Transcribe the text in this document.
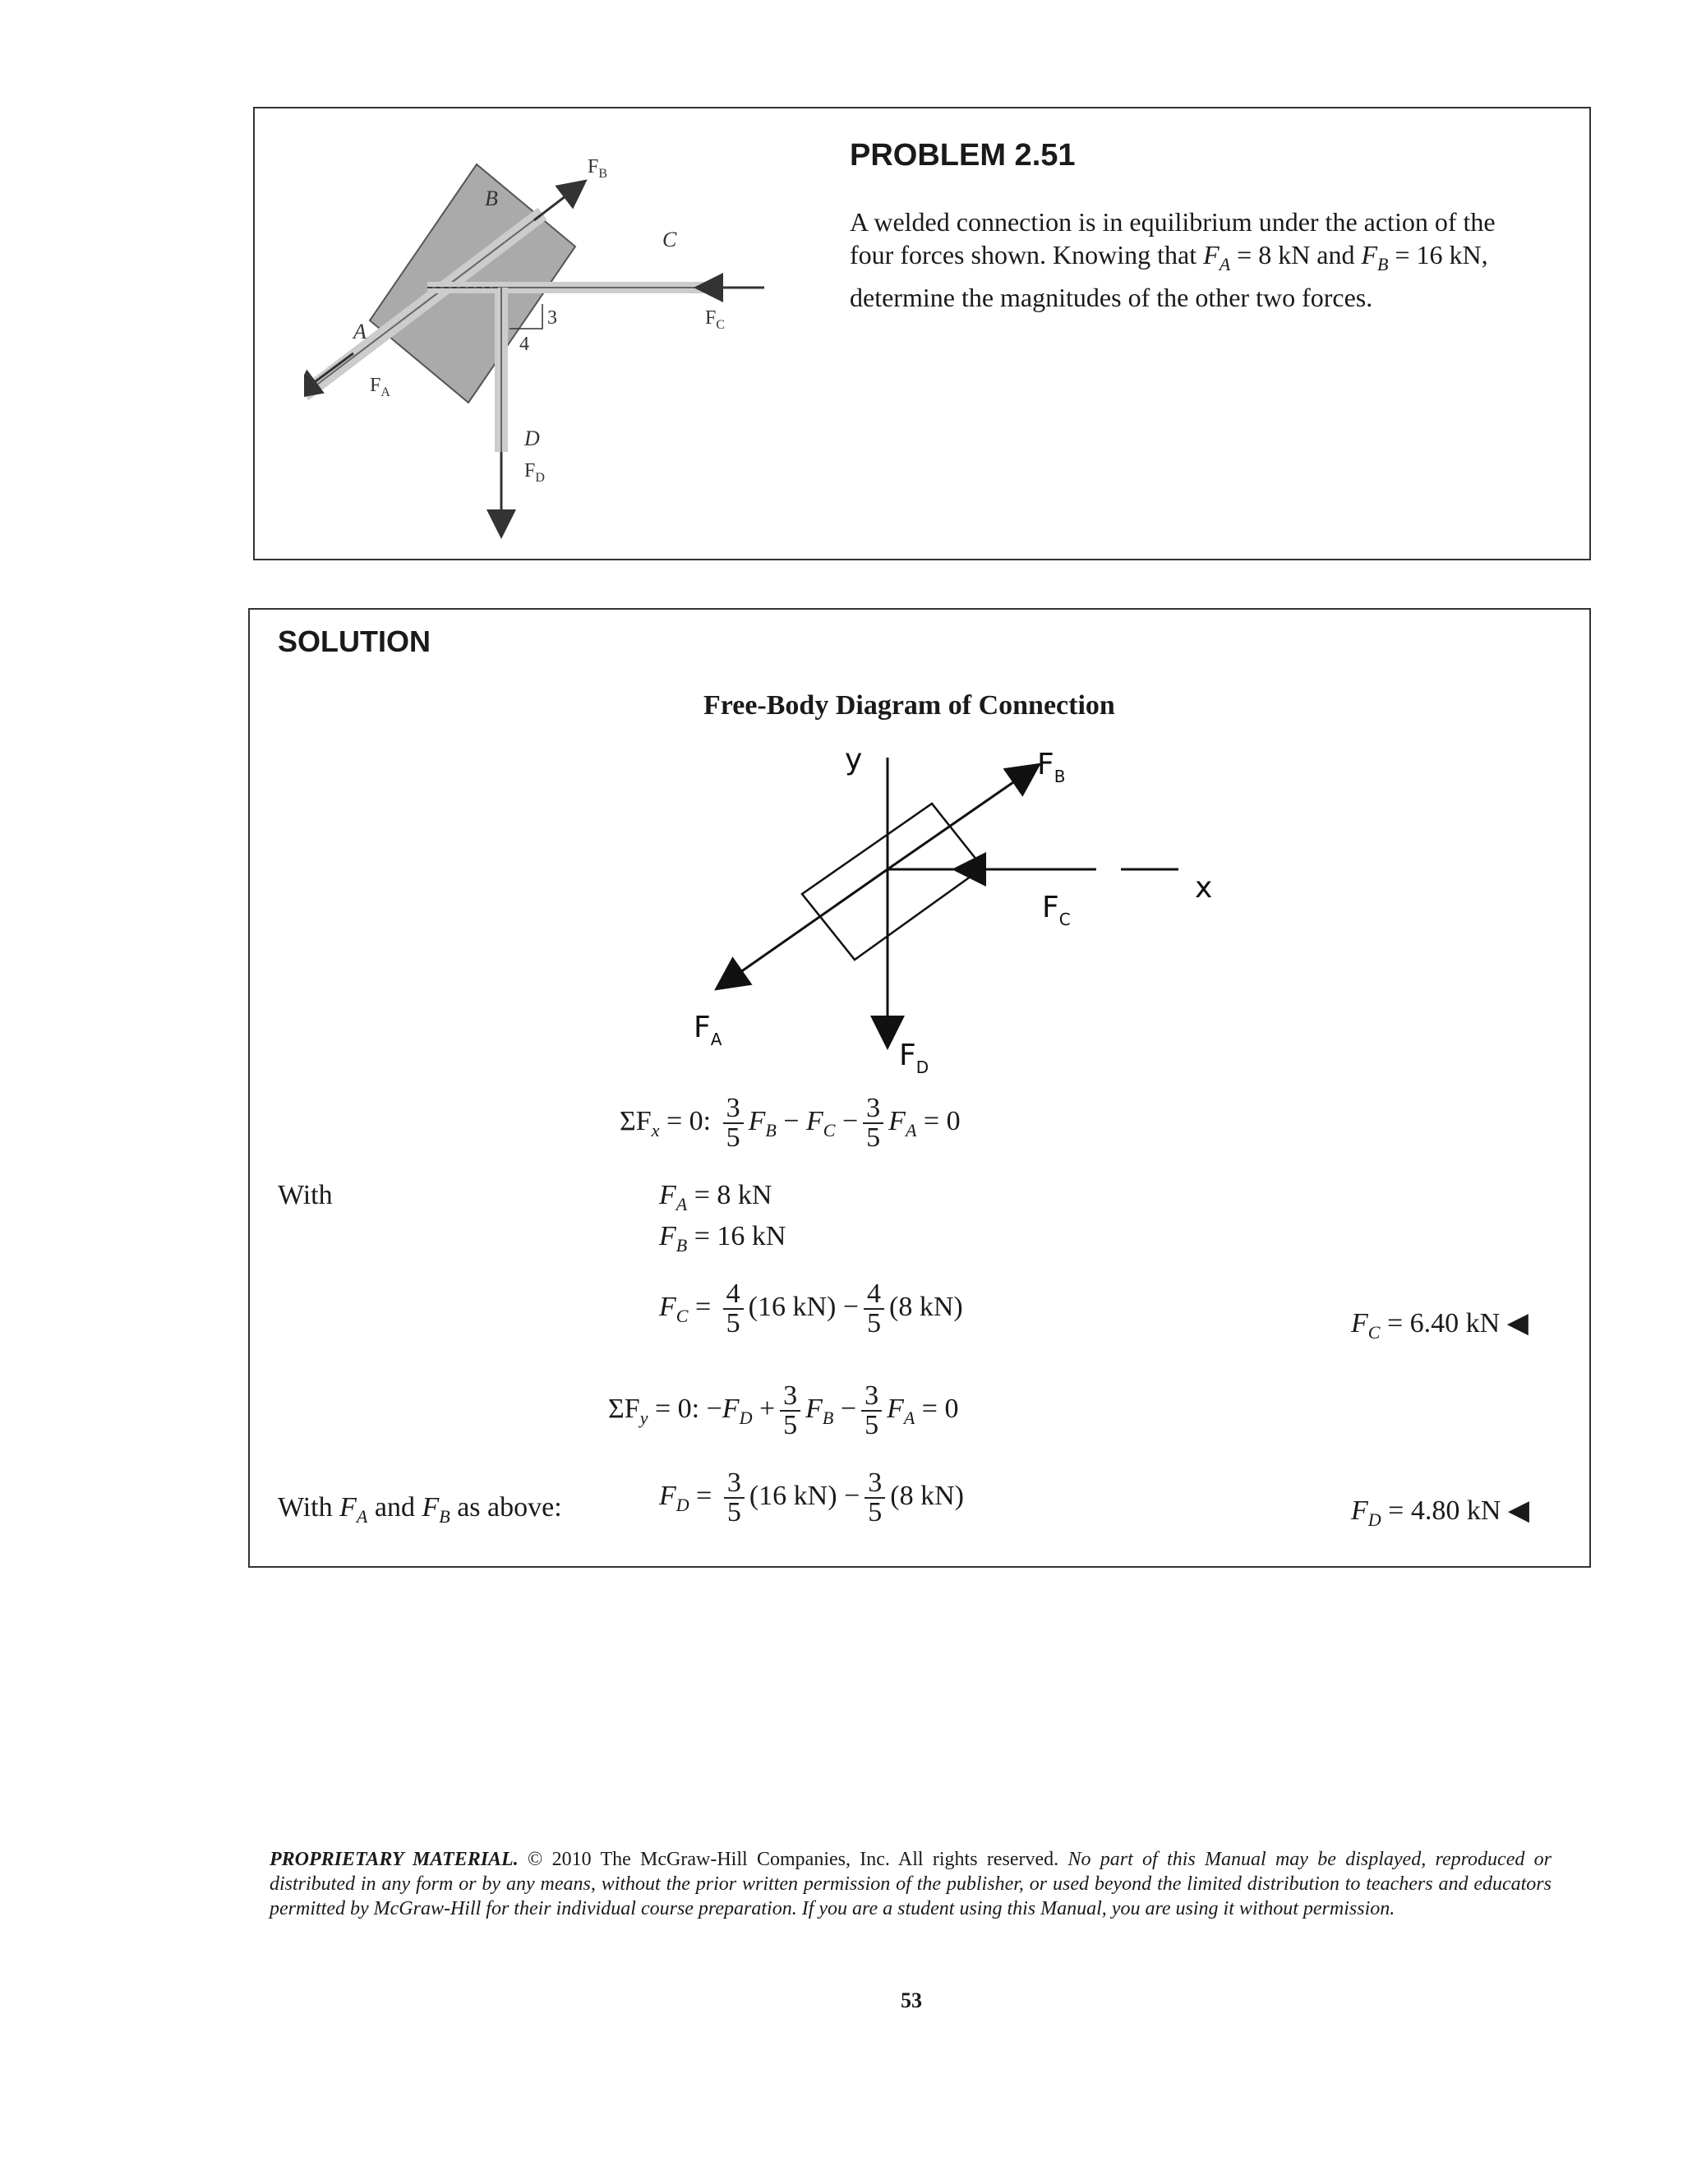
A
B
C
D
$F_A$
$F_B$
$F_C$
$F_D$
3
4
PROBLEM 2.51
A welded connection is in equilibrium under the action of the
four forces shown. Knowing that $F_A = 8$ kN and $F_B = 16$ kN,
determine the magnitudes of the other two forces.
SOLUTION
Free-Body Diagram of Connection
y
x
$F_B$
$F_C$
$F_A$	$F_D$
$\Sigma F_x = 0$: $\frac{3}{5} F_B - F_C - \frac{3}{5} F_A = 0$
With	$F_A = 8$ kN
$F_B = 16$ kN
$F_C = \frac{4}{5} (16$ $kN) - \frac{4}{5} (8$ kN)
$F_C = 6.40$ kN ◀
$\Sigma F_y = 0$: $-F_D + \frac{3}{5} F_B - \frac{3}{5} F_A = 0$
With $F_A$ and $F_B$ as above:	$F_D = \frac{3}{5} (16$ $kN) - \frac{3}{5} (8$ kN)	$F_D = 4.80$ kN ◀
PROPRIETARY MATERIAL. © 2010 The McGraw-Hill Companies, Inc. All rights reserved. No part of this Manual may be displayed, reproduced or distributed in any form or by any means, without the prior written permission of the publisher, or used beyond the limited distribution to teachers and educators permitted by McGraw-Hill for their individual course preparation. If you are a student using this Manual, you are using it without permission.
53
